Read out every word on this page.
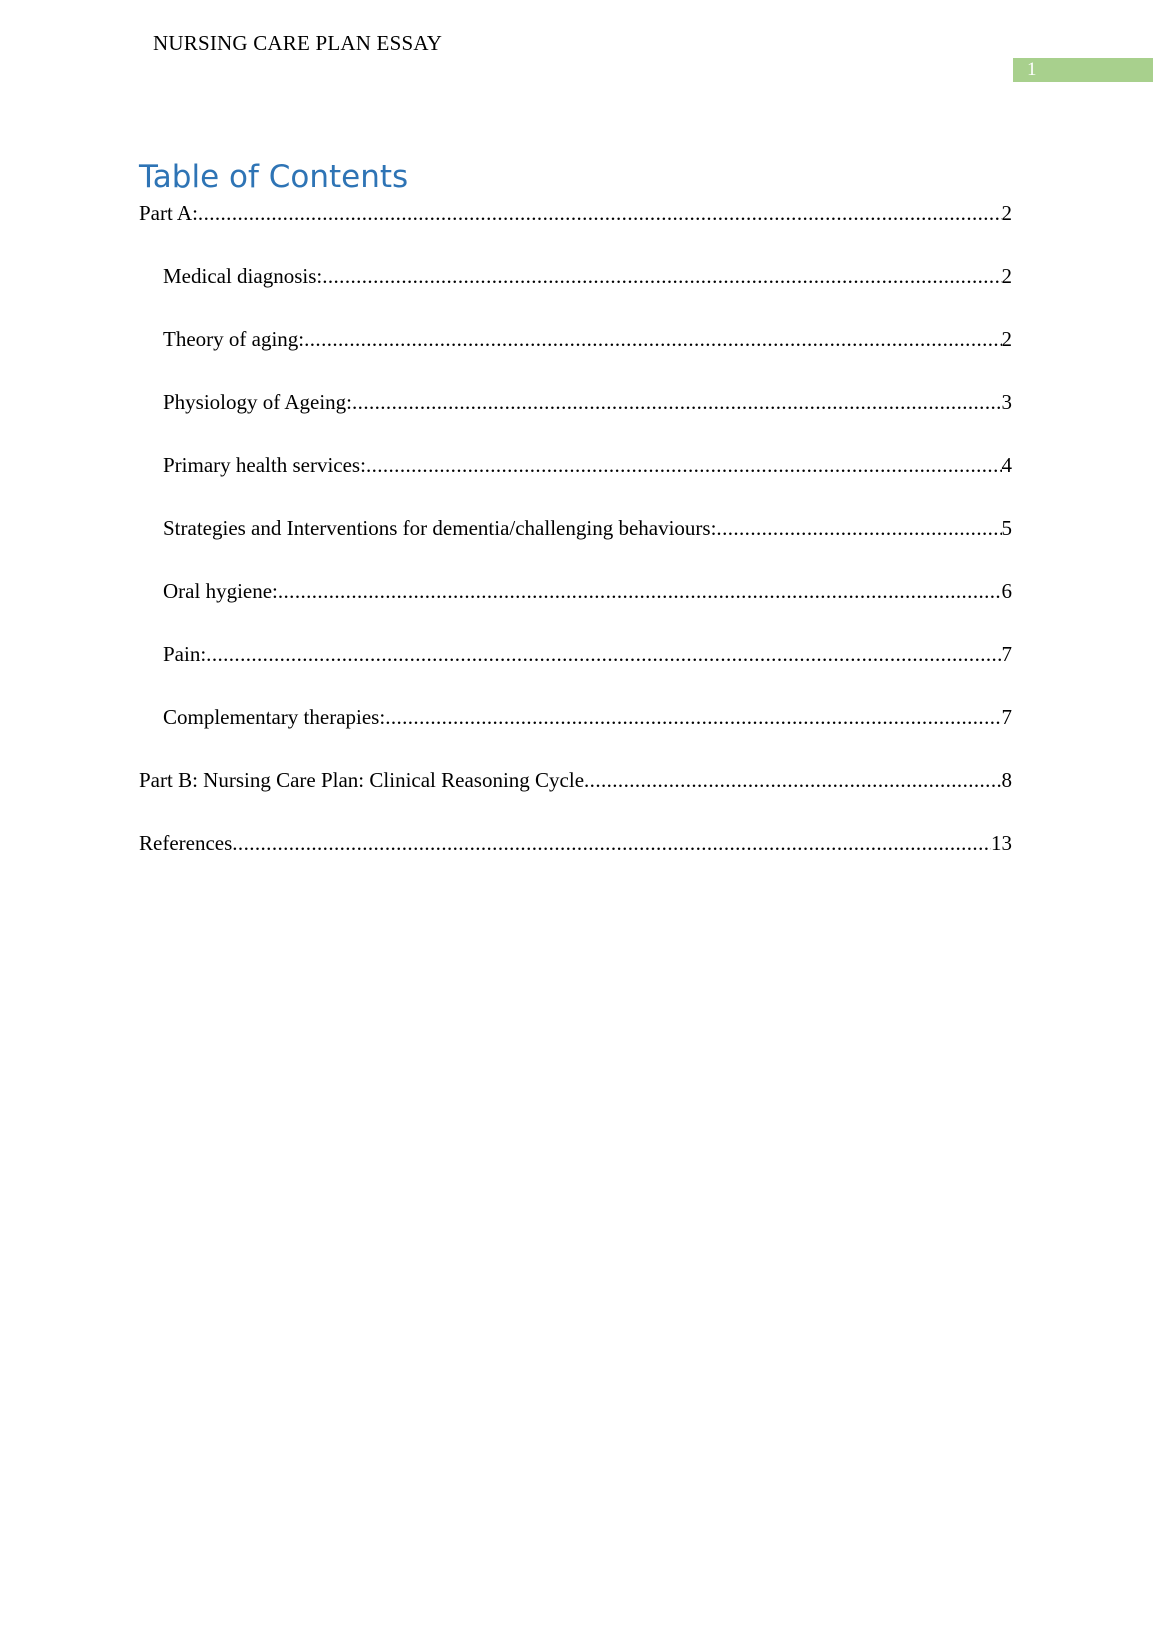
NURSING CARE PLAN ESSAY
1
Table of Contents
Part A: .....	2
Medical diagnosis: .....	2
Theory of aging: .....	2
Physiology of Ageing: .....	3
Primary health services: .....	4
Strategies and Interventions for dementia/challenging behaviours: .....	5
Oral hygiene: .....	6
Pain: .....	7
Complementary therapies: .....	7
Part B: Nursing Care Plan: Clinical Reasoning Cycle .....	8
References .....	13
